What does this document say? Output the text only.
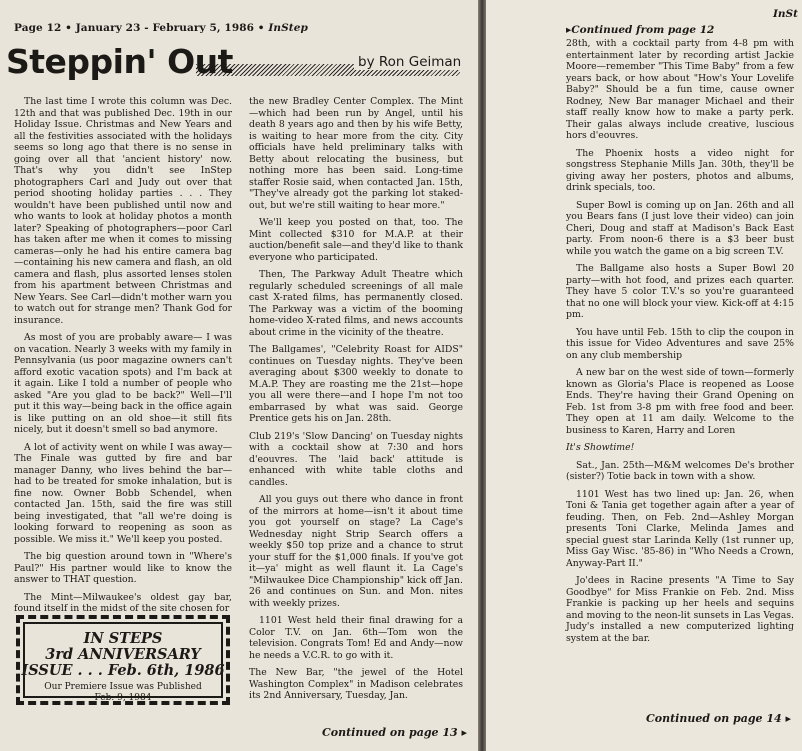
Page 12 • January 23 - February 5, 1986 • InStep
Steppin' Out	by Ron Geiman

The last time I wrote this column was Dec. 12th and that was published Dec. 19th in our Holiday Issue. Christmas and New Years and all the festivities associated with the holidays seems so long ago that there is no sense in going over all that 'ancient history' now. That's why you didn't see InStep photographers Carl and Judy out over that period shooting holiday parties . . . They wouldn't have been published until now and who wants to look at holiday photos a month later? Speaking of photographers—poor Carl has taken after me when it comes to missing cameras—only he had his entire camera bag—containing his new camera and flash, an old camera and flash, plus assorted lenses stolen from his apartment between Christmas and New Years. See Carl—didn't mother warn you to watch out for strange men? Thank God for insurance.

As most of you are probably aware— I was on vacation. Nearly 3 weeks with my family in Pennsylvania (us poor magazine owners can't afford exotic vacation spots) and I'm back at it again. Like I told a number of people who asked "Are you glad to be back?" Well—I'll put it this way—being back in the office again is like putting on an old shoe—it still fits nicely, but it doesn't smell so bad anymore.

A lot of activity went on while I was away—The Finale was gutted by fire and bar manager Danny, who lives behind the bar—had to be treated for smoke inhalation, but is fine now. Owner Bobb Schendel, when contacted Jan. 15th, said the fire was still being investigated, that "all we're doing is looking forward to reopening as soon as possible. We miss it." We'll keep you posted.

The big question around town in "Where's Paul?" His partner would like to know the answer to THAT question.

The Mint—Milwaukee's oldest gay bar, found itself in the midst of the site chosen for

IN STEPS
3rd ANNIVERSARY
ISSUE . . . Feb. 6th, 1986
Our Premiere Issue was Published
Feb. 9, 1984

the new Bradley Center Complex. The Mint—which had been run by Angel, until his death 8 years ago and then by his wife Betty, is waiting to hear more from the city. City officials have held preliminary talks with Betty about relocating the business, but nothing more has been said. Long-time staffer Rosie said, when contacted Jan. 15th, "They've already got the parking lot staked-out, but we're still waiting to hear more."

We'll keep you posted on that, too. The Mint collected $310 for M.A.P. at their auction/benefit sale—and they'd like to thank everyone who participated.

Then, The Parkway Adult Theatre which regularly scheduled screenings of all male cast X-rated films, has permanently closed. The Parkway was a victim of the booming home-video X-rated films, and news accounts about crime in the vicinity of the theatre.

The Ballgames', "Celebrity Roast for AIDS" continues on Tuesday nights. They've been averaging about $300 weekly to donate to M.A.P. They are roasting me the 21st—hope you all were there—and I hope I'm not too embarrased by what was said. George Prentice gets his on Jan. 28th.

Club 219's 'Slow Dancing' on Tuesday nights with a cocktail show at 7:30 and hors d'eouvres. The 'laid back' attitude is enhanced with white table cloths and candles.

All you guys out there who dance in front of the mirrors at home—isn't it about time you got yourself on stage? La Cage's Wednesday night Strip Search offers a weekly $50 top prize and a chance to strut your stuff for the $1,000 finals. If you've got it—ya' might as well flaunt it. La Cage's "Milwaukee Dice Championship" kick off Jan. 26 and continues on Sun. and Mon. nites with weekly prizes.

1101 West held their final drawing for a Color T.V. on Jan. 6th—Tom won the television. Congrats Tom! Ed and Andy—now he needs a V.C.R. to go with it.

The New Bar, "the jewel of the Hotel Washington Complex" in Madison celebrates its 2nd Anniversary, Tuesday, Jan.

Continued on page 13 ▸
InSt
▸Continued from page 12

28th, with a cocktail party from 4-8 pm with entertainment later by recording artist Jackie Moore—remember "This Time Baby" from a few years back, or how about "How's Your Lovelife Baby?" Should be a fun time, cause owner Rodney, New Bar manager Michael and their staff really know how to make a party perk. Their galas always include creative, luscious hors d'eouvres.

The Phoenix hosts a video night for songstress Stephanie Mills Jan. 30th, they'll be giving away her posters, photos and albums, drink specials, too.

Super Bowl is coming up on Jan. 26th and all you Bears fans (I just love their video) can join Cheri, Doug and staff at Madison's Back East party. From noon-6 there is a $3 beer bust while you watch the game on a big screen T.V.

The Ballgame also hosts a Super Bowl 20 party—with hot food, and prizes each quarter. They have 5 color T.V.'s so you're guaranteed that no one will block your view. Kick-off at 4:15 pm.

You have until Feb. 15th to clip the coupon in this issue for Video Adventures and save 25% on any club membership

A new bar on the west side of town—formerly known as Gloria's Place is reopened as Loose Ends. They're having their Grand Opening on Feb. 1st from 3-8 pm with free food and beer. They open at 11 am daily. Welcome to the business to Karen, Harry and Loren

It's Showtime!

Sat., Jan. 25th—M&M welcomes De's brother (sister?) Totie back in town with a show.

1101 West has two lined up: Jan. 26, when Toni & Tania get together again after a year of feuding. Then, on Feb. 2nd—Ashley Morgan presents Toni Clarke, Melinda James and special guest star Larinda Kelly (1st runner up, Miss Gay Wisc. '85-86) in "Who Needs a Crown, Anyway-Part II."

Jo'dees in Racine presents "A Time to Say Goodbye" for Miss Frankie on Feb. 2nd. Miss Frankie is packing up her heels and sequins and moving to the neon-lit sunsets in Las Vegas. Judy's installed a new computerized lighting system at the bar.

Continued on page 14 ▸
